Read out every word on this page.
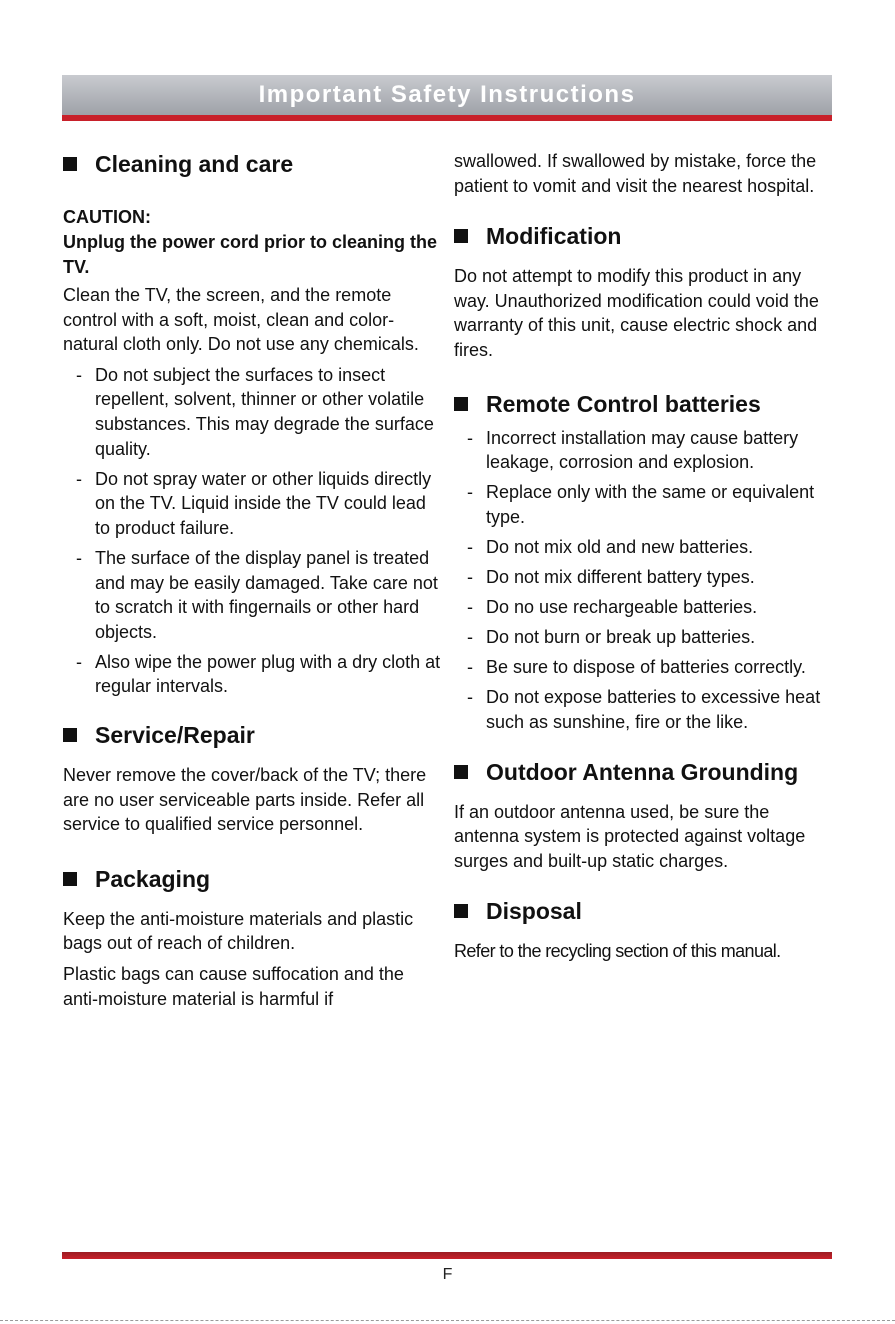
Important Safety Instructions
Cleaning and care
CAUTION:

Unplug the power cord prior to cleaning the TV.

Clean the TV, the screen, and the remote control with a soft, moist, clean and color-natural cloth only. Do not use any chemicals.

- Do not subject the surfaces to insect repellent, solvent, thinner or other volatile substances. This may degrade the surface quality.
- Do not spray water or other liquids directly on the TV. Liquid inside the TV could lead to product failure.
- The surface of the display panel is treated and may be easily damaged. Take care not to scratch it with fingernails or other hard objects.
- Also wipe the power plug with a dry cloth at regular intervals.
Service/Repair

Never remove the cover/back of the TV; there are no user serviceable parts inside. Refer all service to qualified service personnel.

Packaging

Keep the anti-moisture materials and plastic bags out of reach of children.

Plastic bags can cause suffocation and the anti-moisture material is harmful if

swallowed. If swallowed by mistake, force the patient to vomit and visit the nearest hospital.

Modification

Do not attempt to modify this product in any way. Unauthorized modification could void the warranty of this unit, cause electric shock and fires.

Remote Control batteries
- Incorrect installation may cause battery leakage, corrosion and explosion.
- Replace only with the same or equivalent type.
- Do not mix old and new batteries.
- Do not mix different battery types.
- Do no use rechargeable batteries.
- Do not burn or break up batteries.
- Be sure to dispose of batteries correctly.
- Do not expose batteries to excessive heat such as sunshine, fire or the like.
Outdoor Antenna Grounding

If an outdoor antenna used, be sure the antenna system is protected against voltage surges and built-up static charges.

Disposal

Refer to the recycling section of this manual.

F
